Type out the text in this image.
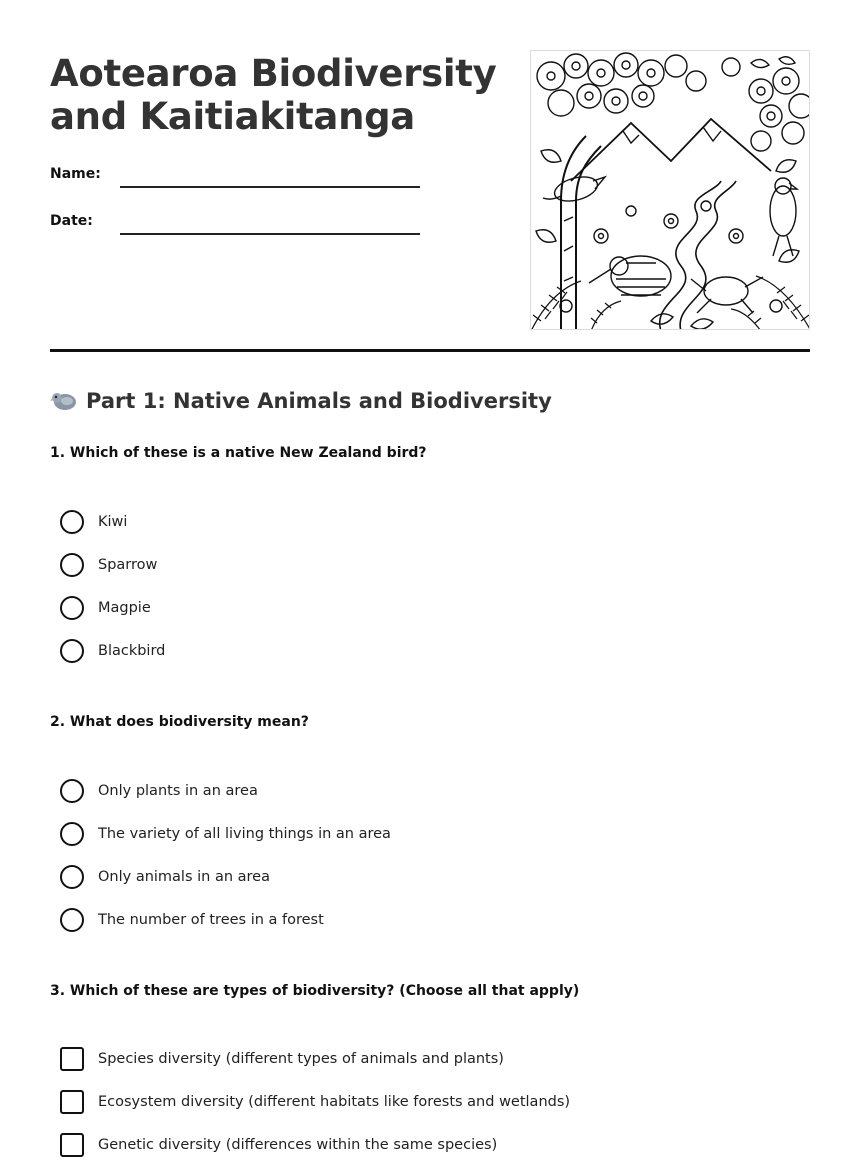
Aotearoa Biodiversity
and Kaitiakitanga
Name:
Date:
Part 1: Native Animals and Biodiversity
1. Which of these is a native New Zealand bird?
Kiwi
Sparrow
Magpie
Blackbird
2. What does biodiversity mean?
Only plants in an area
The variety of all living things in an area
Only animals in an area
The number of trees in a forest
3. Which of these are types of biodiversity? (Choose all that apply)
Species diversity (different types of animals and plants)
Ecosystem diversity (different habitats like forests and wetlands)
Genetic diversity (differences within the same species)
